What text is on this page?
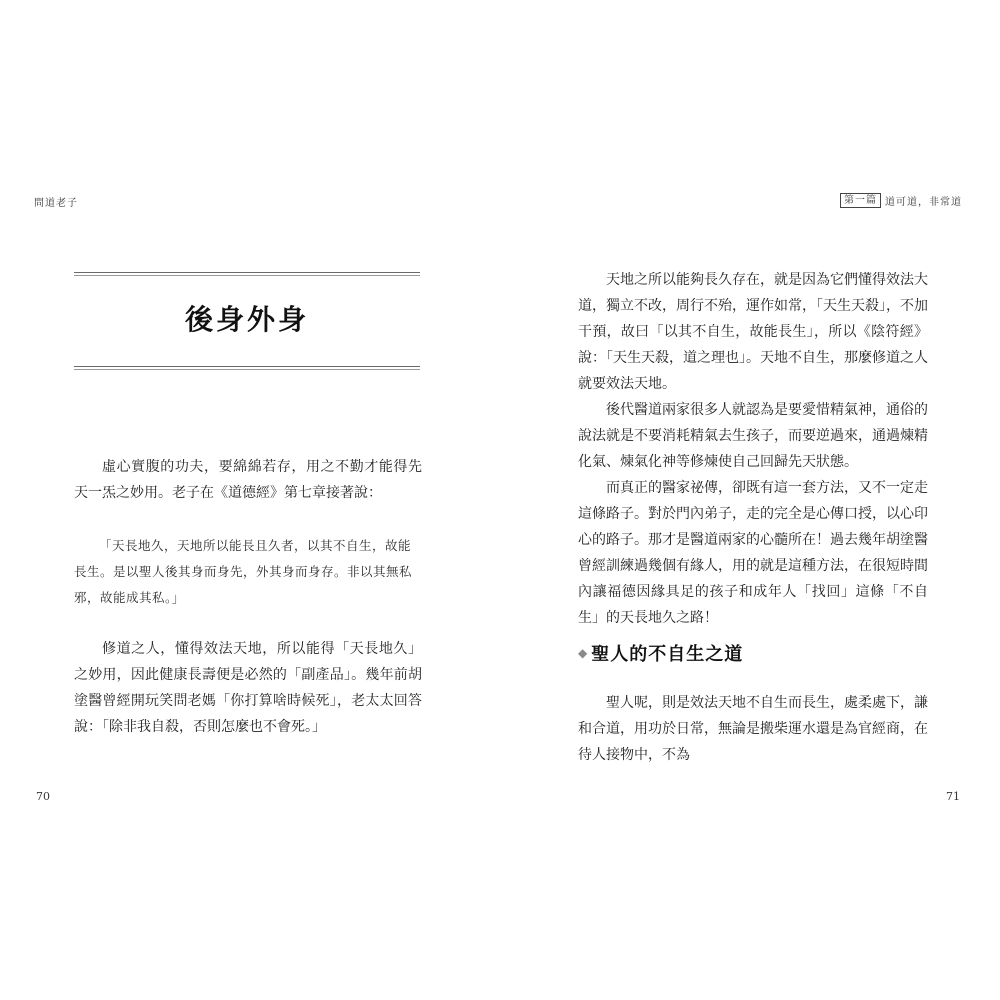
問道老子
後身外身

虛心實腹的功夫，要綿綿若存，用之不勤才能得先天一炁之妙用。老子在《道德經》第七章接著說：

「天長地久，天地所以能長且久者，以其不自生，故能長生。是以聖人後其身而身先，外其身而身存。非以其無私邪，故能成其私。」

修道之人，懂得效法天地，所以能得「天長地久」之妙用，因此健康長壽便是必然的「副產品」。幾年前胡塗醫曾經開玩笑問老媽「你打算啥時候死」，老太太回答說：「除非我自殺，否則怎麼也不會死。」

70
第一篇 道可道，非常道
71

天地之所以能夠長久存在，就是因為它們懂得效法大道，獨立不改，周行不殆，運作如常，「天生天殺」，不加干預，故曰「以其不自生，故能長生」，所以《陰符經》說：「天生天殺，道之理也」。天地不自生，那麼修道之人就要效法天地。

後代醫道兩家很多人就認為是要愛惜精氣神，通俗的說法就是不要消耗精氣去生孩子，而要逆過來，通過煉精化氣、煉氣化神等修煉使自己回歸先天狀態。

而真正的醫家祕傳，卻既有這一套方法，又不一定走這條路子。對於門內弟子，走的完全是心傳口授，以心印心的路子。那才是醫道兩家的心髓所在！過去幾年胡塗醫曾經訓練過幾個有緣人，用的就是這種方法，在很短時間內讓福德因緣具足的孩子和成年人「找回」這條「不自生」的天長地久之路！

◆ 聖人的不自生之道

聖人呢，則是效法天地不自生而長生，處柔處下，謙和合道，用功於日常，無論是搬柴運水還是為官經商，在待人接物中，不為
